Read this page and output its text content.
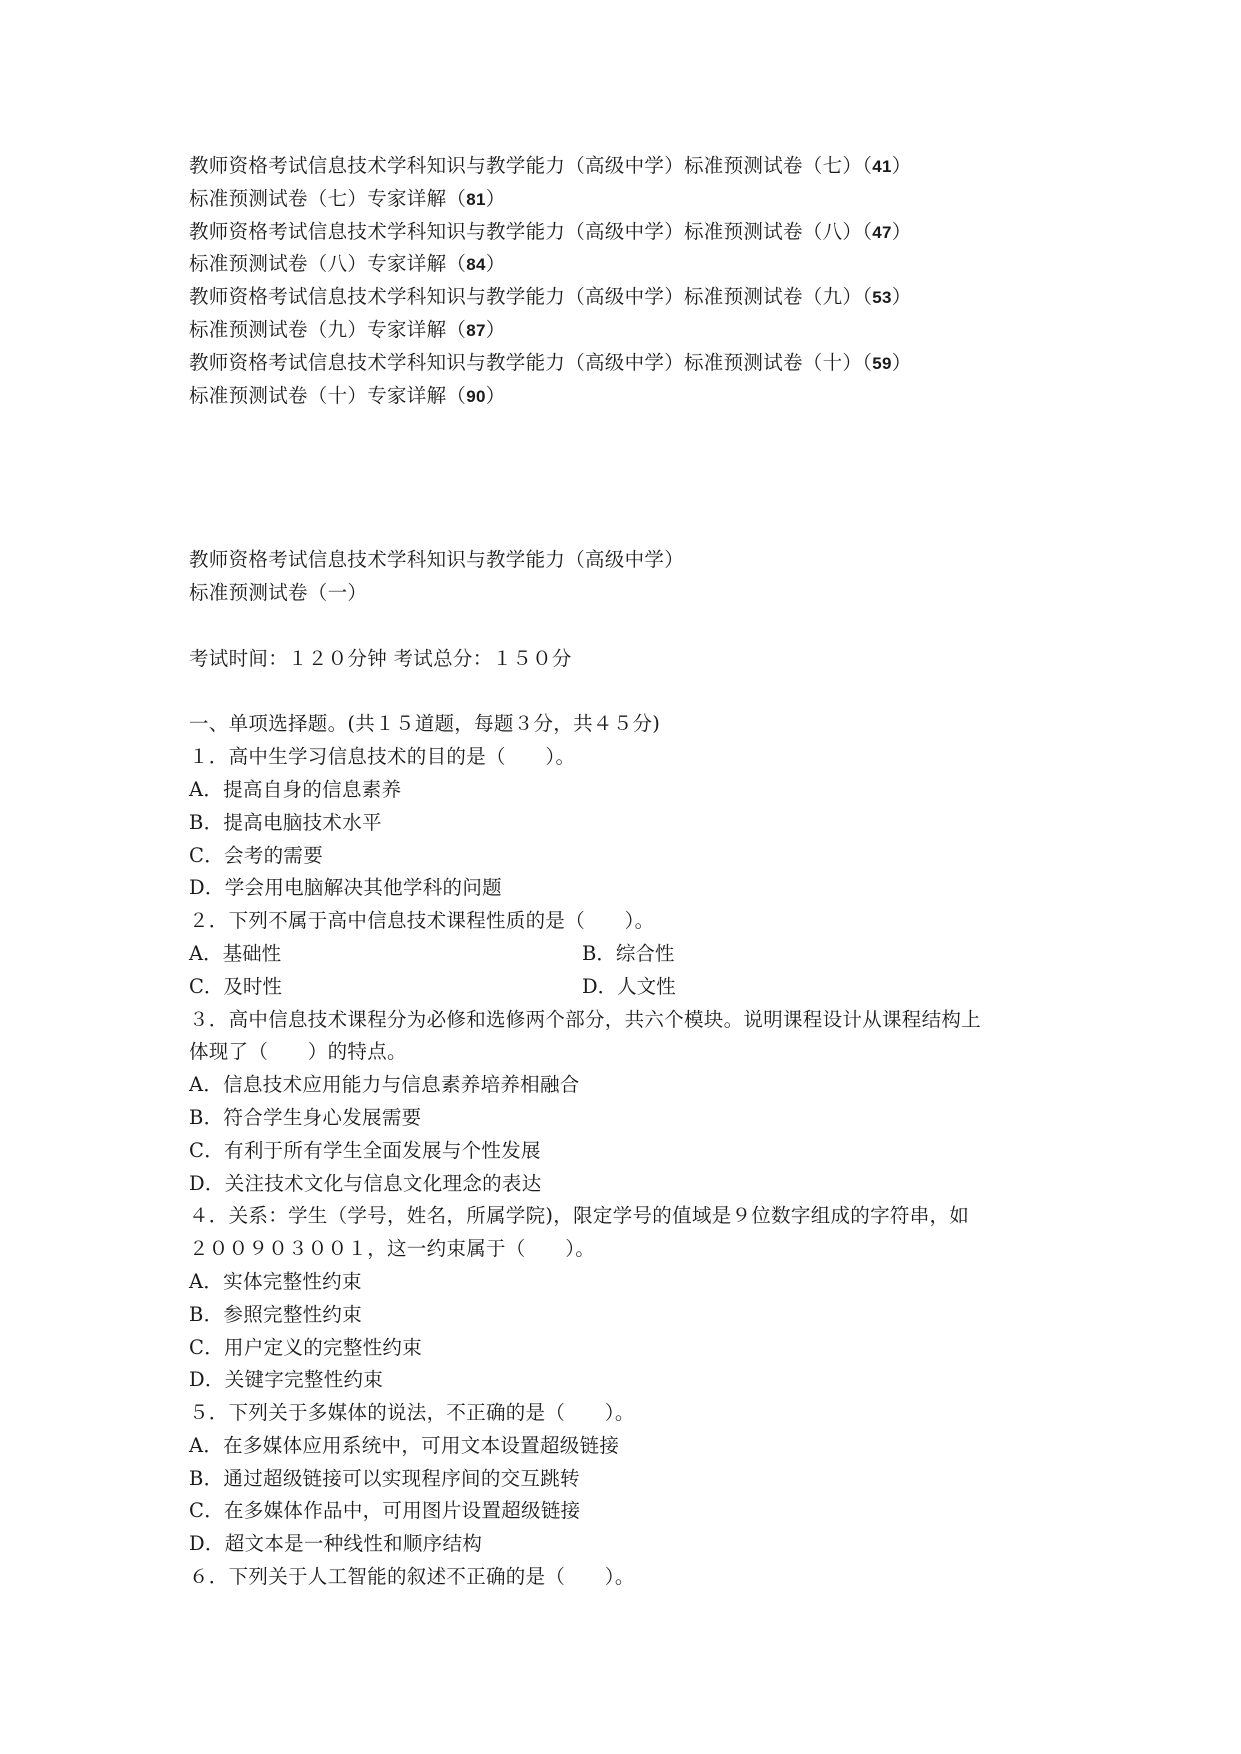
教师资格考试信息技术学科知识与教学能力（高级中学）标准预测试卷（七）（41）
标准预测试卷（七）专家详解（81）
教师资格考试信息技术学科知识与教学能力（高级中学）标准预测试卷（八）（47）
标准预测试卷（八）专家详解（84）
教师资格考试信息技术学科知识与教学能力（高级中学）标准预测试卷（九）（53）
标准预测试卷（九）专家详解（87）
教师资格考试信息技术学科知识与教学能力（高级中学）标准预测试卷（十）（59）
标准预测试卷（十）专家详解（90）
教师资格考试信息技术学科知识与教学能力（高级中学）
标准预测试卷（一）
考试时间：１２０分钟 考试总分：１５０分
一、单项选择题。(共１５道题，每题３分，共４５分)
１．高中生学习信息技术的目的是（　　）。
A．提高自身的信息素养
B．提高电脑技术水平
C．会考的需要
D．学会用电脑解决其他学科的问题
２．下列不属于高中信息技术课程性质的是（　　）。
A．基础性	B．综合性
C．及时性	D．人文性
３．高中信息技术课程分为必修和选修两个部分，共六个模块。说明课程设计从课程结构上
体现了（　　）的特点。
A．信息技术应用能力与信息素养培养相融合
B．符合学生身心发展需要
C．有利于所有学生全面发展与个性发展
D．关注技术文化与信息文化理念的表达
４．关系：学生（学号，姓名，所属学院)，限定学号的值域是９位数字组成的字符串，如
２００９０３００１，这一约束属于（　　）。
A．实体完整性约束
B．参照完整性约束
C．用户定义的完整性约束
D．关键字完整性约束
５．下列关于多媒体的说法，不正确的是（　　）。
A．在多媒体应用系统中，可用文本设置超级链接
B．通过超级链接可以实现程序间的交互跳转
C．在多媒体作品中，可用图片设置超级链接
D．超文本是一种线性和顺序结构
６．下列关于人工智能的叙述不正确的是（　　）。
